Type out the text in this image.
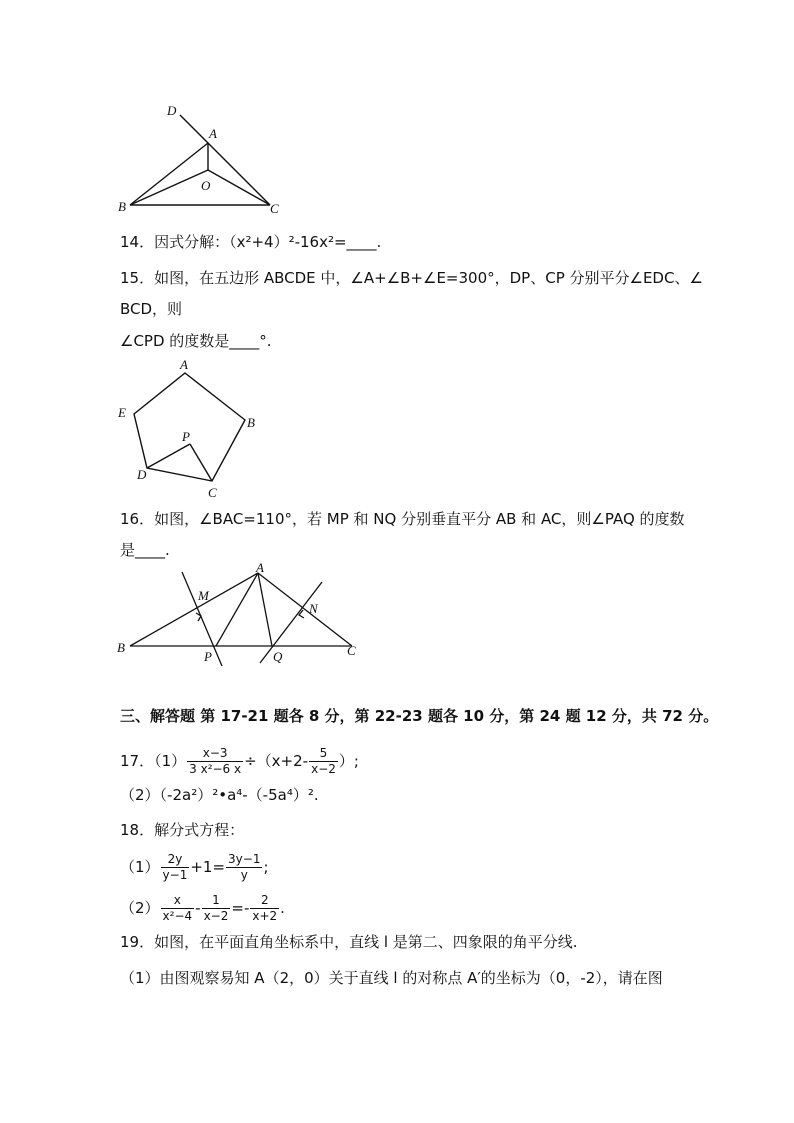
D
A
O
B	C
14．因式分解：（x²+4）²-16x²=____.
15．如图，在五边形 ABCDE 中，∠A+∠B+∠E=300°，DP、CP 分别平分∠EDC、∠
BCD，则
∠CPD 的度数是____°.
A
E
B
P
D
C
16．如图，∠BAC=110°，若 MP 和 NQ 分别垂直平分 AB 和 AC，则∠PAQ 的度数
是____.
A
M
N
B
P	Q	C
三、解答题 第 17-21 题各 8 分，第 22-23 题各 10 分，第 24 题 12 分，共 72 分。
17．$(1) \frac{x-3}{\text{3 x²−6 x}} \div(x+2- \frac{5}{x-2}$ ）;
（2）（-2a²）²•a⁴-（-5a⁴）².
18．解分式方程：
$(1) \frac{2y}{y-1} +1= \frac{3y-1}{y}$ ;
$(2) \frac{x}{\text{x²−4}} - \frac{1}{x-2} =- \frac{2}{x+2}$ .
19．如图，在平面直角坐标系中，直线 l 是第二、四象限的角平分线.
（1）由图观察易知 A（2，0）关于直线 l 的对称点 A′的坐标为（0，-2），请在图
